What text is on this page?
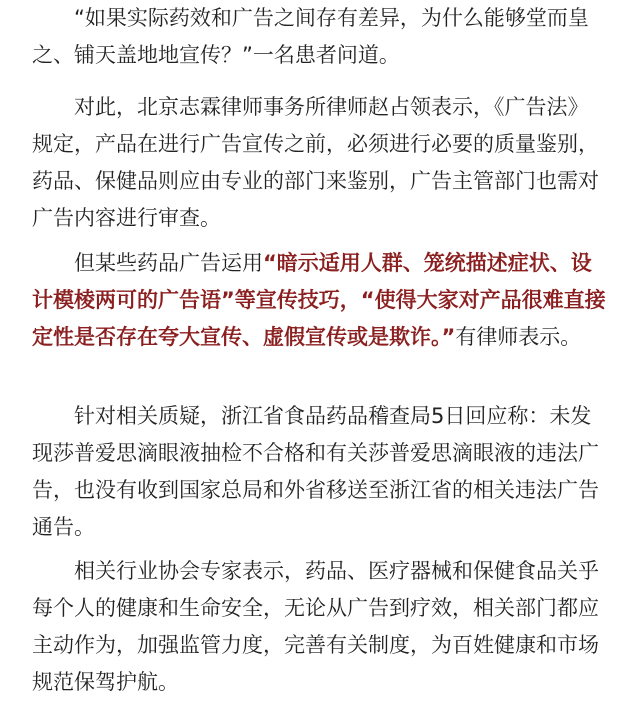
“如果实际药效和广告之间存有差异，为什么能够堂而皇之、铺天盖地地宣传？”一名患者问道。

对此，北京志霖律师事务所律师赵占领表示，《广告法》规定，产品在进行广告宣传之前，必须进行必要的质量鉴别，药品、保健品则应由专业的部门来鉴别，广告主管部门也需对广告内容进行审查。

但某些药品广告运用“暗示适用人群、笼统描述症状、设计模棱两可的广告语”等宣传技巧，“使得大家对产品很难直接定性是否存在夸大宣传、虚假宣传或是欺诈。”有律师表示。

针对相关质疑，浙江省食品药品稽查局5日回应称：未发现莎普爱思滴眼液抽检不合格和有关莎普爱思滴眼液的违法广告，也没有收到国家总局和外省移送至浙江省的相关违法广告通告。

相关行业协会专家表示，药品、医疗器械和保健食品关乎每个人的健康和生命安全，无论从广告到疗效，相关部门都应主动作为，加强监管力度，完善有关制度，为百姓健康和市场规范保驾护航。
